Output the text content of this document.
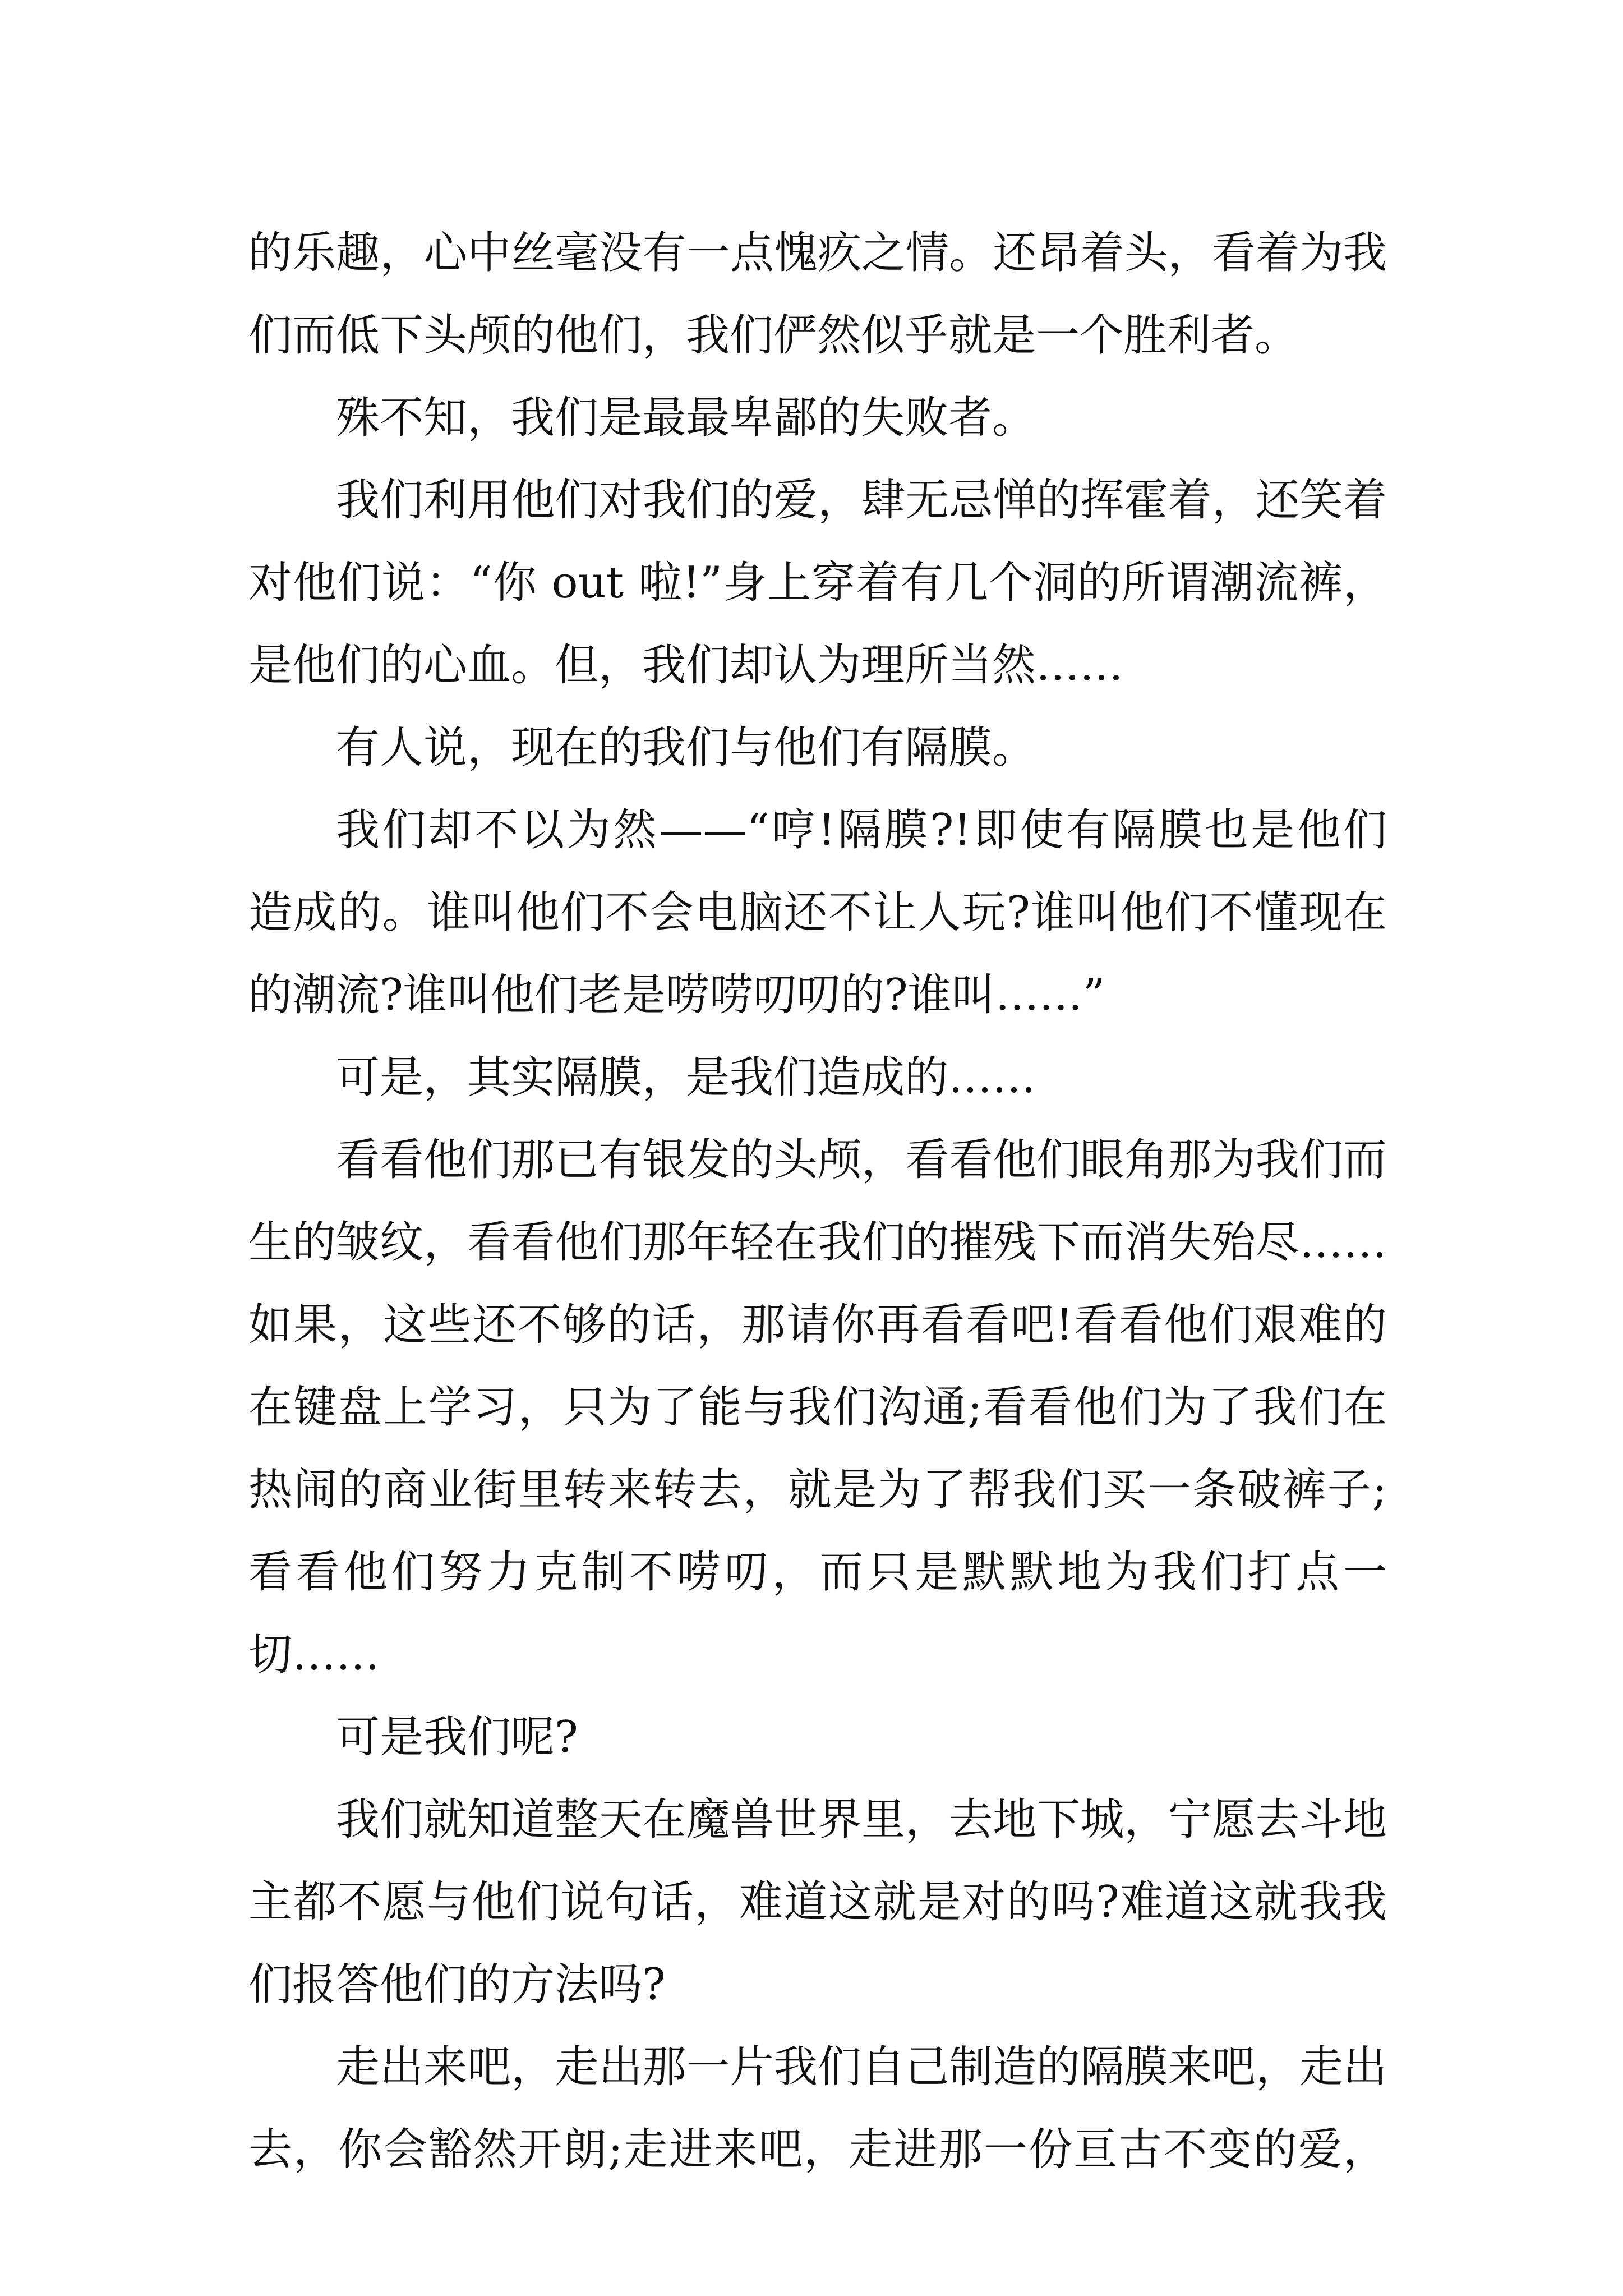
的乐趣，心中丝毫没有一点愧疚之情。还昂着头，看着为我
们而低下头颅的他们，我们俨然似乎就是一个胜利者。
殊不知，我们是最最卑鄙的失败者。
我们利用他们对我们的爱，肆无忌惮的挥霍着，还笑着
对他们说：“你 out 啦!”身上穿着有几个洞的所谓潮流裤，
是他们的心血。但，我们却认为理所当然……
有人说，现在的我们与他们有隔膜。
我们却不以为然——“哼!隔膜?!即使有隔膜也是他们
造成的。谁叫他们不会电脑还不让人玩?谁叫他们不懂现在
的潮流?谁叫他们老是唠唠叨叨的?谁叫……”
可是，其实隔膜，是我们造成的……
看看他们那已有银发的头颅，看看他们眼角那为我们而
生的皱纹，看看他们那年轻在我们的摧残下而消失殆尽……
如果，这些还不够的话，那请你再看看吧!看看他们艰难的
在键盘上学习，只为了能与我们沟通;看看他们为了我们在
热闹的商业街里转来转去，就是为了帮我们买一条破裤子;
看看他们努力克制不唠叨，而只是默默地为我们打点一
切……
可是我们呢?
我们就知道整天在魔兽世界里，去地下城，宁愿去斗地
主都不愿与他们说句话，难道这就是对的吗?难道这就我我
们报答他们的方法吗?
走出来吧，走出那一片我们自己制造的隔膜来吧，走出
去，你会豁然开朗;走进来吧，走进那一份亘古不变的爱，
